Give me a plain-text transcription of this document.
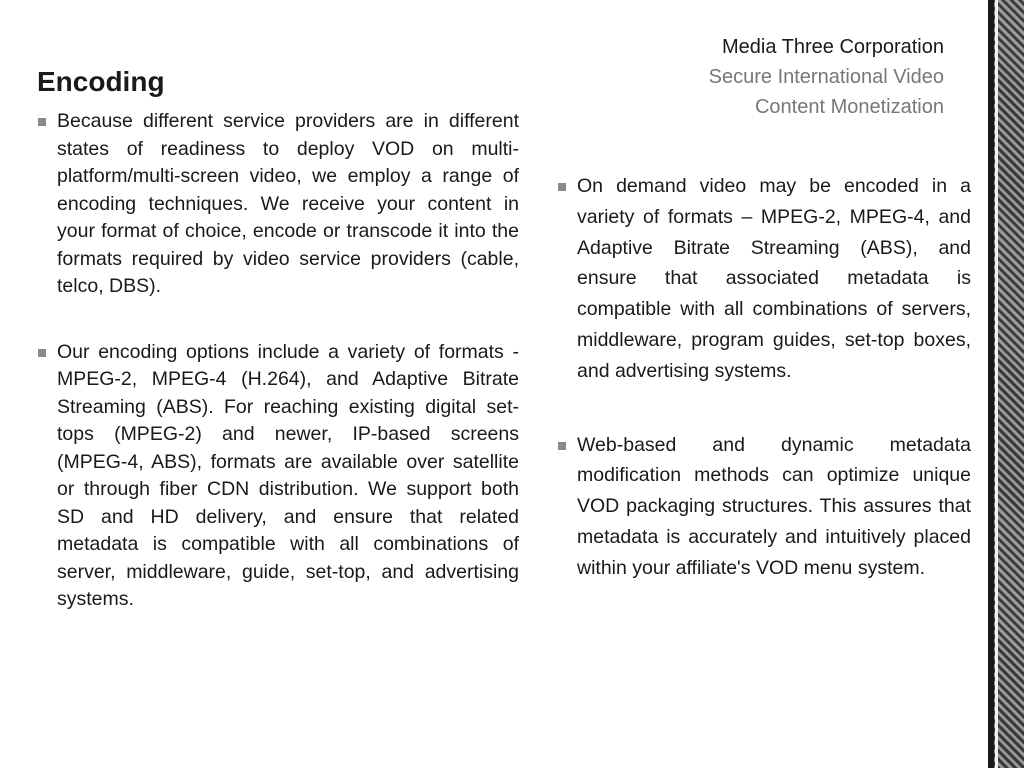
Media Three Corporation
Secure International Video
Content Monetization
Encoding
Because different service providers are in different states of readiness to deploy VOD on multi-platform/multi-screen video, we employ a range of encoding techniques. We receive your content in your format of choice, encode or transcode it into the formats required by video service providers (cable, telco, DBS).
Our encoding options include a variety of formats - MPEG-2, MPEG-4 (H.264), and Adaptive Bitrate Streaming (ABS). For reaching existing digital set-tops (MPEG-2) and newer, IP-based screens (MPEG-4, ABS), formats are available over satellite or through fiber CDN distribution. We support both SD and HD delivery, and ensure that related metadata is compatible with all combinations of server, middleware, guide, set-top, and advertising systems.
On demand video may be encoded in a variety of formats – MPEG-2, MPEG-4, and Adaptive Bitrate Streaming (ABS), and ensure that associated metadata is compatible with all combinations of servers, middleware, program guides, set-top boxes, and advertising systems.
Web-based and dynamic metadata modification methods can optimize unique VOD packaging structures. This assures that metadata is accurately and intuitively placed within your affiliate's VOD menu system.
